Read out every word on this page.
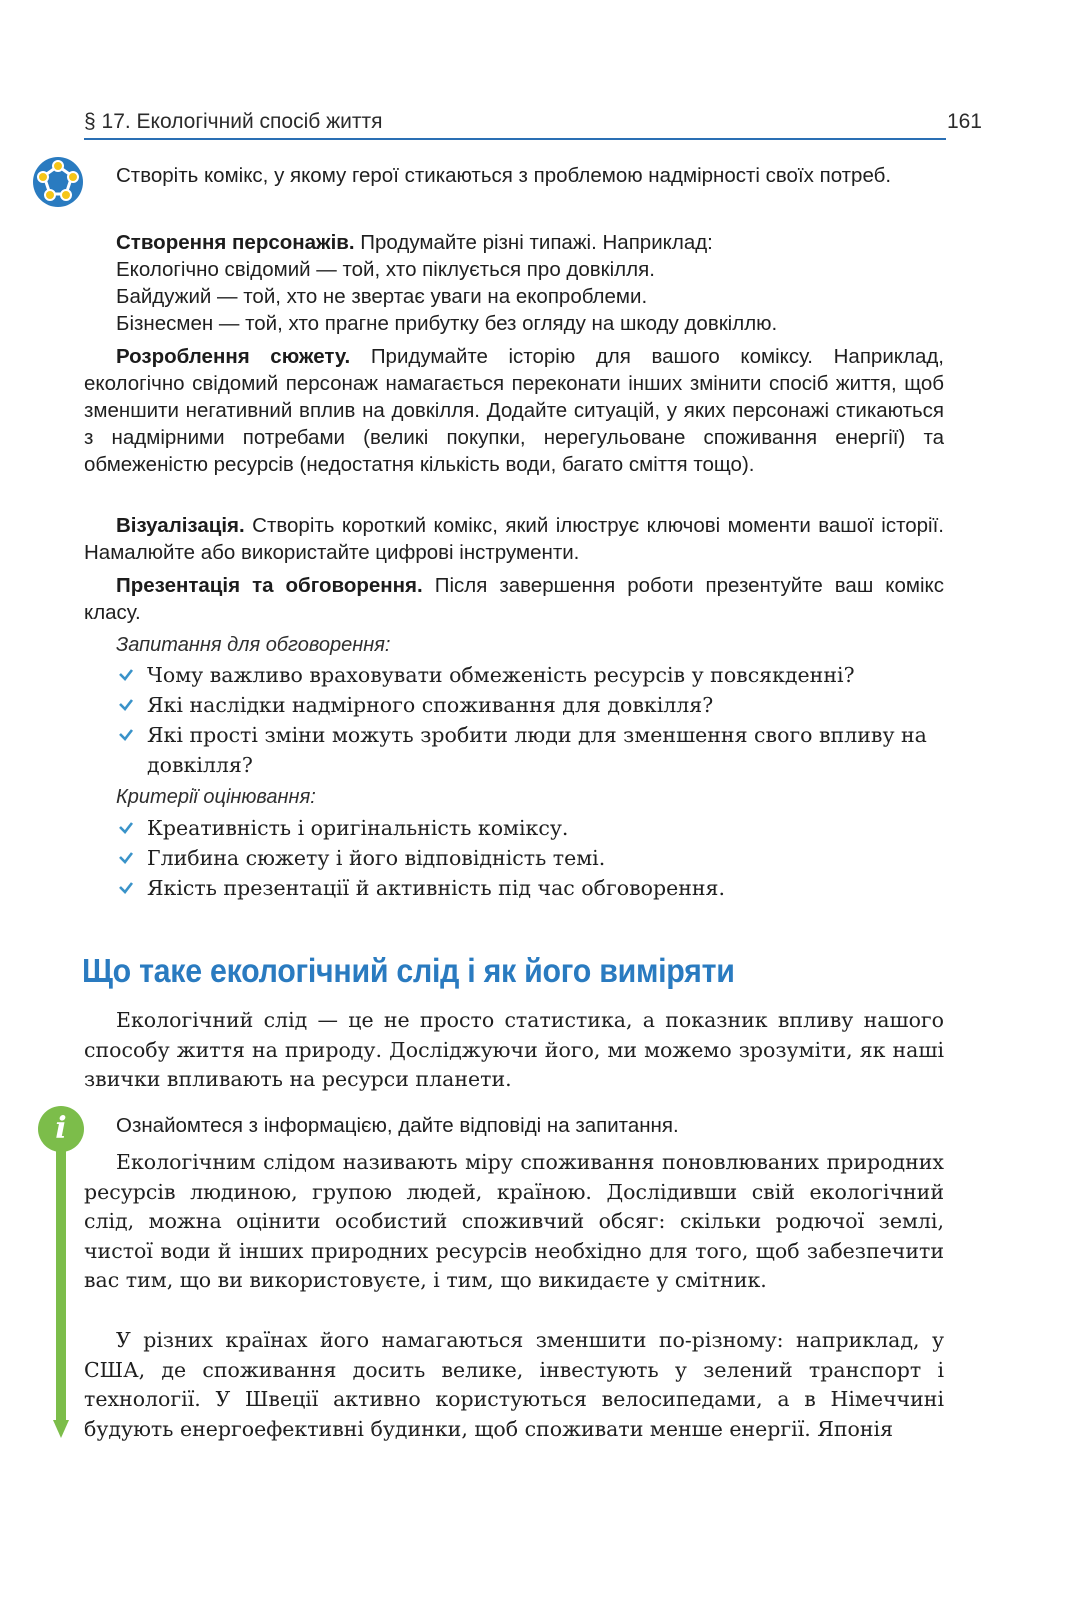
§ 17. Екологічний спосіб життя	161
Створіть комікс, у якому герої стикаються з проблемою надмірності своїх потреб.

Створення персонажів. Продумайте різні типажі. Наприклад:

Екологічно свідомий — той, хто піклується про довкілля.

Байдужий — той, хто не звертає уваги на екопроблеми.

Бізнесмен — той, хто прагне прибутку без огляду на шкоду довкіллю.

Розроблення сюжету. Придумайте історію для вашого коміксу. Наприклад, екологічно свідомий персонаж намагається переконати інших змінити спосіб життя, щоб зменшити негативний вплив на довкілля. Додайте ситуацій, у яких персонажі стикаються з надмірними потребами (великі покупки, нерегульоване споживання енергії) та обмеженістю ресурсів (недостатня кількість води, багато сміття тощо).

Візуалізація. Створіть короткий комікс, який ілюструє ключові моменти вашої історії. Намалюйте або використайте цифрові інструменти.

Презентація та обговорення. Після завершення роботи презентуйте ваш комікс класу.

Запитання для обговорення:
Чому важливо враховувати обмеженість ресурсів у повсякденні?
Які наслідки надмірного споживання для довкілля?
Які прості зміни можуть зробити люди для зменшення свого впливу на довкілля?
Критерії оцінювання:
Креативність і оригінальність коміксу.
Глибина сюжету і його відповідність темі.
Якість презентації й активність під час обговорення.
Що таке екологічний слід і як його виміряти

Екологічний слід — це не просто статистика, а показник впливу нашого способу життя на природу. Досліджуючи його, ми можемо зрозуміти, як наші звички впливають на ресурси планети.

i	Ознайомтеся з інформацією, дайте відповіді на запитання.

Екологічним слідом називають міру споживання поновлюваних природних ресурсів людиною, групою людей, країною. Дослідивши свій екологічний слід, можна оцінити особистий споживчий обсяг: скільки родючої землі, чистої води й інших природних ресурсів необхідно для того, щоб забезпечити вас тим, що ви використовуєте, і тим, що викидаєте у смітник.

У різних країнах його намагаються зменшити по-різному: наприклад, у США, де споживання досить велике, інвестують у зелений транспорт і технології. У Швеції активно користуються велосипедами, а в Німеччині будують енергоефективні будинки, щоб споживати менше енергії. Японія
